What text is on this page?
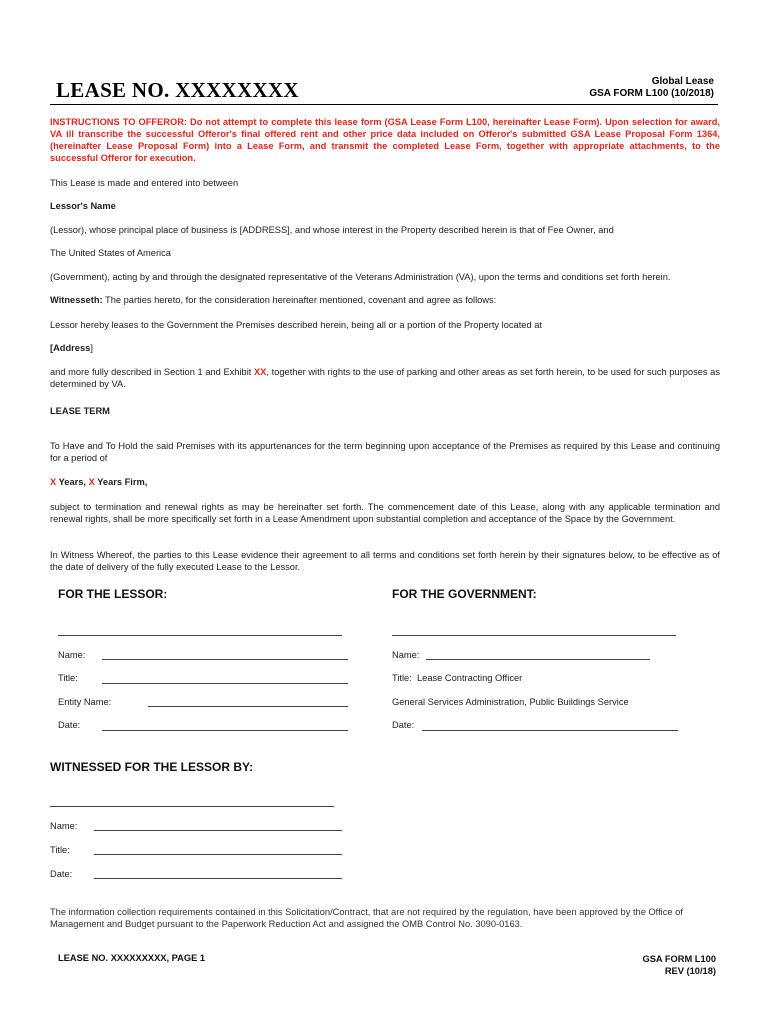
LEASE NO. XXXXXXXX	Global Lease
GSA FORM L100 (10/2018)
INSTRUCTIONS TO OFFEROR: Do not attempt to complete this lease form (GSA Lease Form L100, hereinafter Lease Form). Upon selection for award, VA ill transcribe the successful Offeror's final offered rent and other price data included on Offeror's submitted GSA Lease Proposal Form 1364, (hereinafter Lease Proposal Form) into a Lease Form, and transmit the completed Lease Form, together with appropriate attachments, to the successful Offeror for execution.
This Lease is made and entered into between
Lessor's Name
(Lessor), whose principal place of business is [ADDRESS], and whose interest in the Property described herein is that of Fee Owner, and
The United States of America
(Government), acting by and through the designated representative of the Veterans Administration (VA), upon the terms and conditions set forth herein.
Witnesseth: The parties hereto, for the consideration hereinafter mentioned, covenant and agree as follows:
Lessor hereby leases to the Government the Premises described herein, being all or a portion of the Property located at
[Address]
and more fully described in Section 1 and Exhibit XX, together with rights to the use of parking and other areas as set forth herein, to be used for such purposes as determined by VA.
LEASE TERM
To Have and To Hold the said Premises with its appurtenances for the term beginning upon acceptance of the Premises as required by this Lease and continuing for a period of
X Years, X Years Firm,
subject to termination and renewal rights as may be hereinafter set forth. The commencement date of this Lease, along with any applicable termination and renewal rights, shall be more specifically set forth in a Lease Amendment upon substantial completion and acceptance of the Space by the Government.
In Witness Whereof, the parties to this Lease evidence their agreement to all terms and conditions set forth herein by their signatures below, to be effective as of the date of delivery of the fully executed Lease to the Lessor.
FOR THE LESSOR:	FOR THE GOVERNMENT:
Name:	Name:
Title:	Title: Lease Contracting Officer
Entity Name:	General Services Administration, Public Buildings Service
Date:	Date:
WITNESSED FOR THE LESSOR BY:
Name:
Title:
Date:
The information collection requirements contained in this Solicitation/Contract, that are not required by the regulation, have been approved by the Office of Management and Budget pursuant to the Paperwork Reduction Act and assigned the OMB Control No. 3090-0163.
LEASE NO. XXXXXXXXX, PAGE 1	GSA FORM L100
REV (10/18)
